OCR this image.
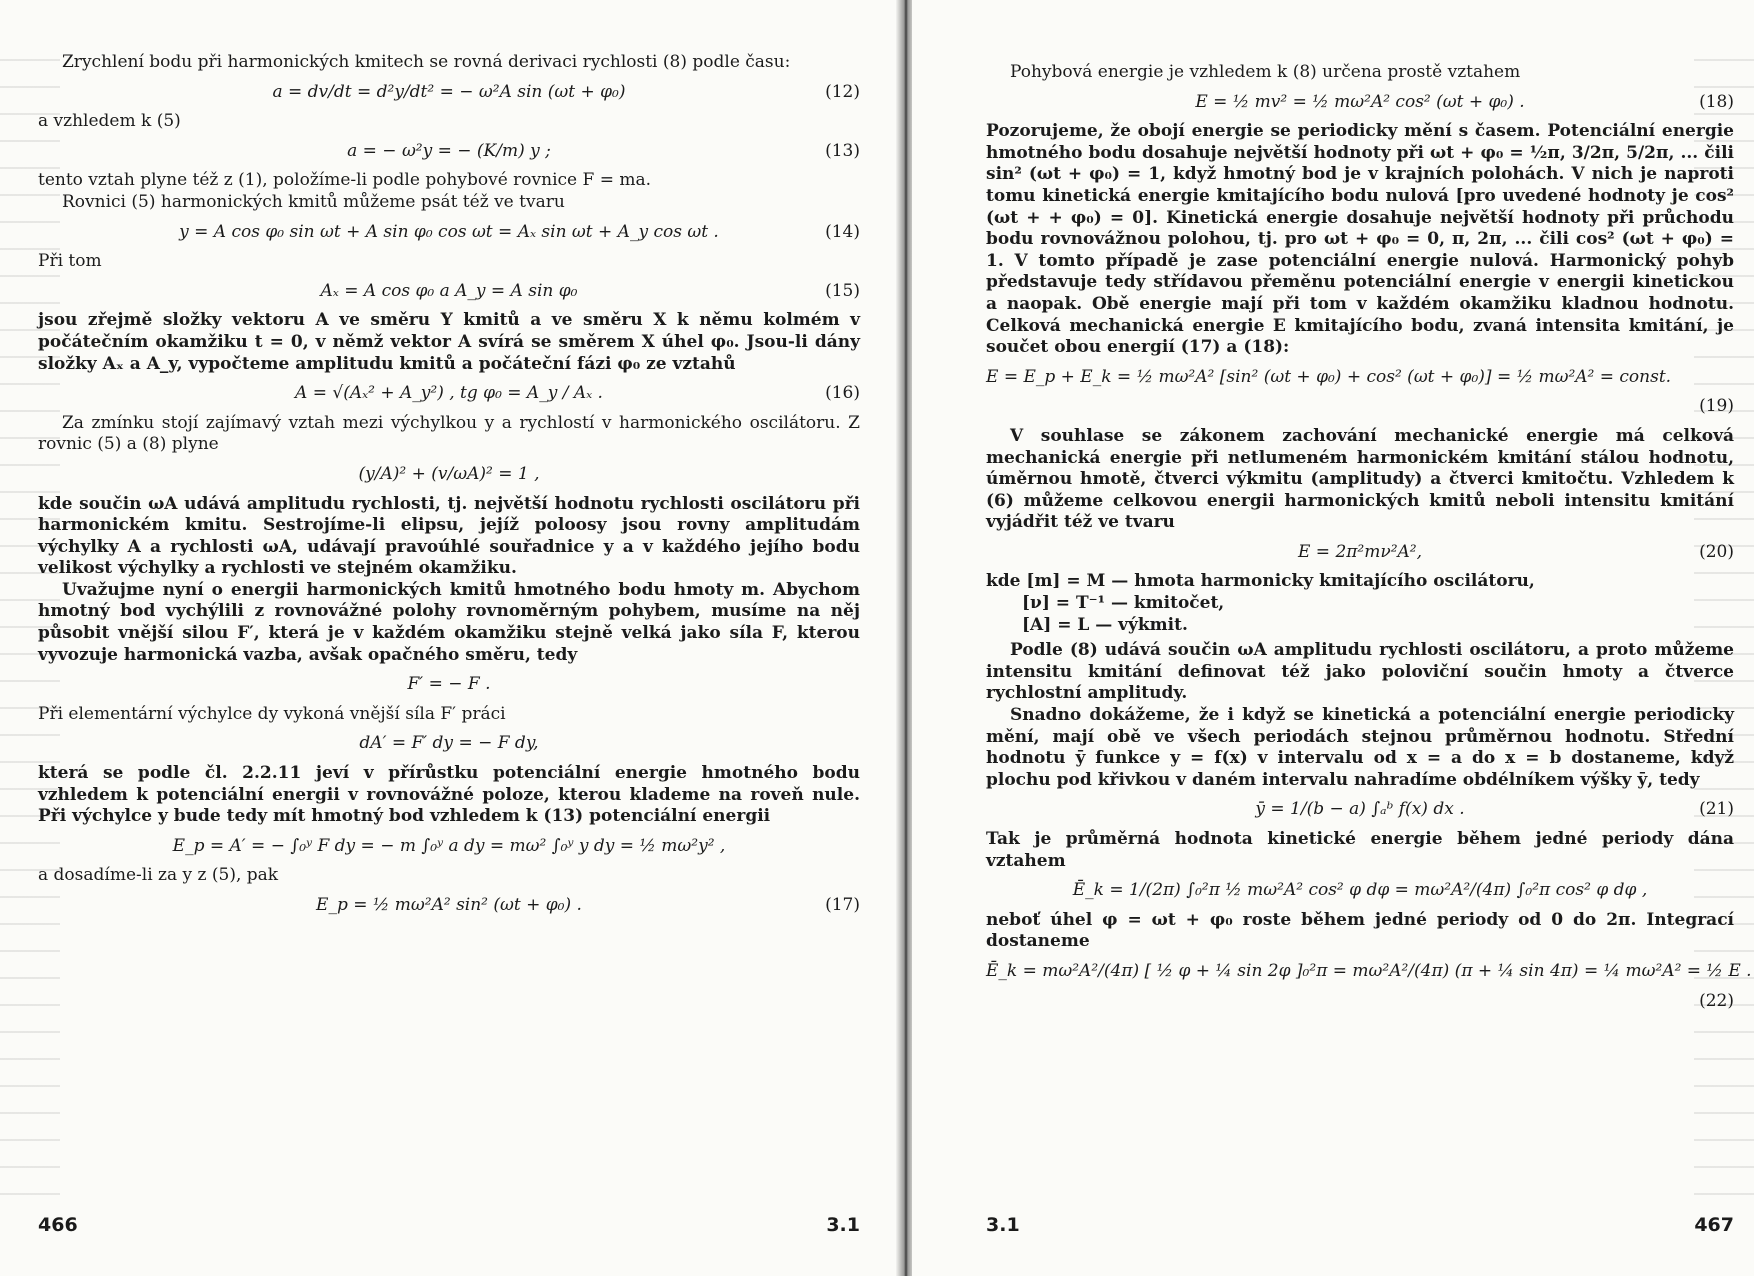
Zrychlení bodu při harmonických kmitech se rovná derivaci rychlosti (8) podle času:

a = dv/dt = d²y/dt² = − ω²A sin (ωt + φ₀)	(12)

a vzhledem k (5)

a = − ω²y = − (K/m) y ;	(13)

tento vztah plyne též z (1), položíme-li podle pohybové rovnice F = ma.

Rovnici (5) harmonických kmitů můžeme psát též ve tvaru

y = A cos φ₀ sin ωt + A sin φ₀ cos ωt = Aₓ sin ωt + A_y cos ωt .	(14)

Při tom

Aₓ = A cos φ₀ a A_y = A sin φ₀	(15)

jsou zřejmě složky vektoru A ve směru Y kmitů a ve směru X k němu kolmém v počátečním okamžiku t = 0, v němž vektor A svírá se směrem X úhel φ₀. Jsou-li dány složky Aₓ a A_y, vypočteme amplitudu kmitů a počáteční fázi φ₀ ze vztahů

A = √(Aₓ² + A_y²) , tg φ₀ = A_y / Aₓ .	(16)

Za zmínku stojí zajímavý vztah mezi výchylkou y a rychlostí v harmonického oscilátoru. Z rovnic (5) a (8) plyne

(y/A)² + (v/ωA)² = 1 ,

kde součin ωA udává amplitudu rychlosti, tj. největší hodnotu rychlosti oscilátoru při harmonickém kmitu. Sestrojíme-li elipsu, jejíž poloosy jsou rovny amplitudám výchylky A a rychlosti ωA, udávají pravoúhlé souřadnice y a v každého jejího bodu velikost výchylky a rychlosti ve stejném okamžiku.

Uvažujme nyní o energii harmonických kmitů hmotného bodu hmoty m. Abychom hmotný bod vychýlili z rovnovážné polohy rovnoměrným pohybem, musíme na něj působit vnější silou F′, která je v každém okamžiku stejně velká jako síla F, kterou vyvozuje harmonická vazba, avšak opačného směru, tedy

F′ = − F .

Při elementární výchylce dy vykoná vnější síla F′ práci

dA′ = F′ dy = − F dy,

která se podle čl. 2.2.11 jeví v přírůstku potenciální energie hmotného bodu vzhledem k potenciální energii v rovnovážné poloze, kterou klademe na roveň nule. Při výchylce y bude tedy mít hmotný bod vzhledem k (13) potenciální energii

E_p = A′ = − ∫₀ʸ F dy = − m ∫₀ʸ a dy = mω² ∫₀ʸ y dy = ½ mω²y² ,

a dosadíme-li za y z (5), pak

E_p = ½ mω²A² sin² (ωt + φ₀) .	(17)
466	3.1

Pohybová energie je vzhledem k (8) určena prostě vztahem

E = ½ mv² = ½ mω²A² cos² (ωt + φ₀) .	(18)

Pozorujeme, že obojí energie se periodicky mění s časem. Potenciální energie hmotného bodu dosahuje největší hodnoty při ωt + φ₀ = ½π, 3/2π, 5/2π, ... čili sin² (ωt + φ₀) = 1, když hmotný bod je v krajních polohách. V nich je naproti tomu kinetická energie kmitajícího bodu nulová [pro uvedené hodnoty je cos² (ωt + + φ₀) = 0]. Kinetická energie dosahuje největší hodnoty při průchodu bodu rovnovážnou polohou, tj. pro ωt + φ₀ = 0, π, 2π, ... čili cos² (ωt + φ₀) = 1. V tomto případě je zase potenciální energie nulová. Harmonický pohyb představuje tedy střídavou přeměnu potenciální energie v energii kinetickou a naopak. Obě energie mají při tom v každém okamžiku kladnou hodnotu. Celková mechanická energie E kmitajícího bodu, zvaná intensita kmitání, je součet obou energií (17) a (18):

E = E_p + E_k = ½ mω²A² [sin² (ωt + φ₀) + cos² (ωt + φ₀)] = ½ mω²A² = const.
(19)

V souhlase se zákonem zachování mechanické energie má celková mechanická energie při netlumeném harmonickém kmitání stálou hodnotu, úměrnou hmotě, čtverci výkmitu (amplitudy) a čtverci kmitočtu. Vzhledem k (6) můžeme celkovou energii harmonických kmitů neboli intensitu kmitání vyjádřit též ve tvaru

E = 2π²mν²A²,	(20)
kde [m] = M — hmota harmonicky kmitajícího oscilátoru,
[ν] = T⁻¹ — kmitočet,
[A] = L — výkmit.

Podle (8) udává součin ωA amplitudu rychlosti oscilátoru, a proto můžeme intensitu kmitání definovat též jako poloviční součin hmoty a čtverce rychlostní amplitudy.

Snadno dokážeme, že i když se kinetická a potenciální energie periodicky mění, mají obě ve všech periodách stejnou průměrnou hodnotu. Střední hodnotu ȳ funkce y = f(x) v intervalu od x = a do x = b dostaneme, když plochu pod křivkou v daném intervalu nahradíme obdélníkem výšky ȳ, tedy

ȳ = 1/(b − a) ∫ₐᵇ f(x) dx .	(21)

Tak je průměrná hodnota kinetické energie během jedné periody dána vztahem

Ē_k = 1/(2π) ∫₀²π ½ mω²A² cos² φ dφ = mω²A²/(4π) ∫₀²π cos² φ dφ ,

neboť úhel φ = ωt + φ₀ roste během jedné periody od 0 do 2π. Integrací dostaneme

Ē_k = mω²A²/(4π) [ ½ φ + ¼ sin 2φ ]₀²π = mω²A²/(4π) (π + ¼ sin 4π) = ¼ mω²A² = ½ E .
(22)
3.1	467
